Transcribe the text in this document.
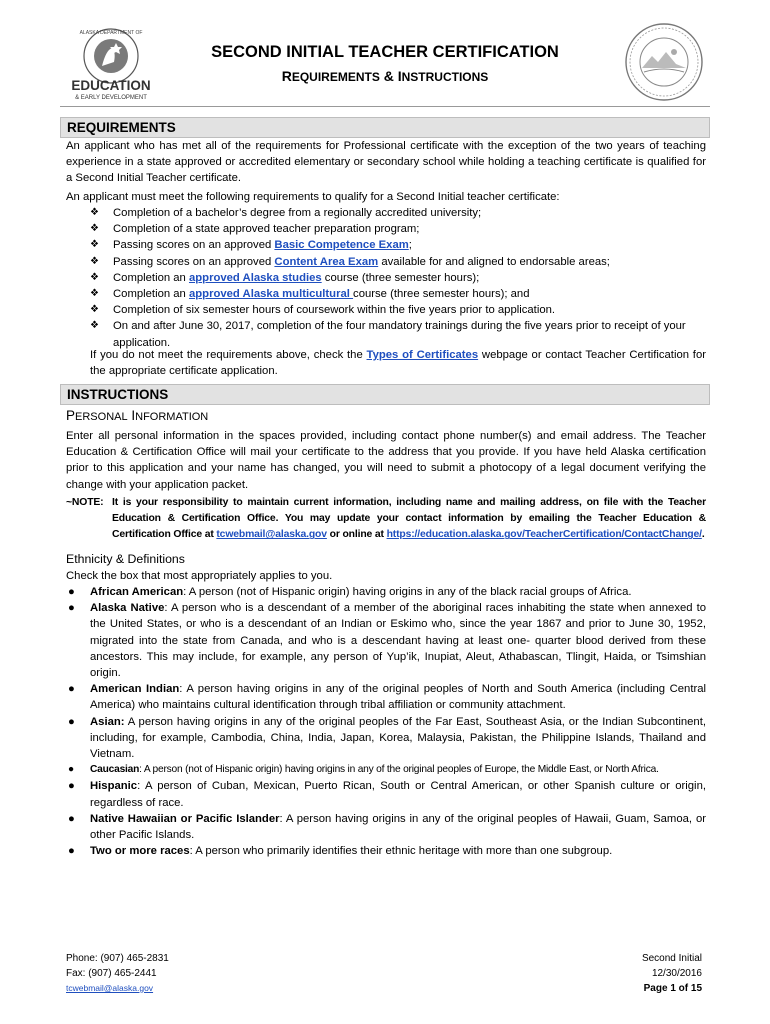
ALASKA DEPARTMENT OF
EDUCATION
& EARLY DEVELOPMENT
SECOND INITIAL TEACHER CERTIFICATION
REQUIREMENTS & INSTRUCTIONS
REQUIREMENTS
An applicant who has met all of the requirements for Professional certificate with the exception of the two years of teaching experience in a state approved or accredited elementary or secondary school while holding a teaching certificate is qualified for a Second Initial Teacher certificate.
An applicant must meet the following requirements to qualify for a Second Initial teacher certificate:
❖ Completion of a bachelor’s degree from a regionally accredited university;
❖ Completion of a state approved teacher preparation program;
❖ Passing scores on an approved Basic Competence Exam;
❖ Passing scores on an approved Content Area Exam available for and aligned to endorsable areas;
❖ Completion an approved Alaska studies course (three semester hours);
❖ Completion an approved Alaska multicultural course (three semester hours); and
❖ Completion of six semester hours of coursework within the five years prior to application.
❖ On and after June 30, 2017, completion of the four mandatory trainings during the five years prior to receipt of your application.
If you do not meet the requirements above, check the Types of Certificates webpage or contact Teacher Certification for the appropriate certificate application.
INSTRUCTIONS
PERSONAL INFORMATION
Enter all personal information in the spaces provided, including contact phone number(s) and email address. The Teacher Education & Certification Office will mail your certificate to the address that you provide. If you have held Alaska certification prior to this application and your name has changed, you will need to submit a photocopy of a legal document verifying the change with your application packet.
~NOTE: It is your responsibility to maintain current information, including name and mailing address, on file with the Teacher Education & Certification Office. You may update your contact information by emailing the Teacher Education & Certification Office at tcwebmail@alaska.gov or online at https://education.alaska.gov/TeacherCertification/ContactChange/.
Ethnicity & Definitions
Check the box that most appropriately applies to you.
● African American: A person (not of Hispanic origin) having origins in any of the black racial groups of Africa.
● Alaska Native: A person who is a descendant of a member of the aboriginal races inhabiting the state when annexed to the United States, or who is a descendant of an Indian or Eskimo who, since the year 1867 and prior to June 30, 1952, migrated into the state from Canada, and who is a descendant having at least one- quarter blood derived from these ancestors. This may include, for example, any person of Yup’ik, Inupiat, Aleut, Athabascan, Tlingit, Haida, or Tsimshian origin.
● American Indian: A person having origins in any of the original peoples of North and South America (including Central America) who maintains cultural identification through tribal affiliation or community attachment.
● Asian: A person having origins in any of the original peoples of the Far East, Southeast Asia, or the Indian Subcontinent, including, for example, Cambodia, China, India, Japan, Korea, Malaysia, Pakistan, the Philippine Islands, Thailand and Vietnam.
● Caucasian: A person (not of Hispanic origin) having origins in any of the original peoples of Europe, the Middle East, or North Africa.
● Hispanic: A person of Cuban, Mexican, Puerto Rican, South or Central American, or other Spanish culture or origin, regardless of race.
● Native Hawaiian or Pacific Islander: A person having origins in any of the original peoples of Hawaii, Guam, Samoa, or other Pacific Islands.
● Two or more races: A person who primarily identifies their ethnic heritage with more than one subgroup.
Phone: (907) 465-2831
Fax: (907) 465-2441
tcwebmail@alaska.gov
Second Initial
12/30/2016
Page 1 of 15
